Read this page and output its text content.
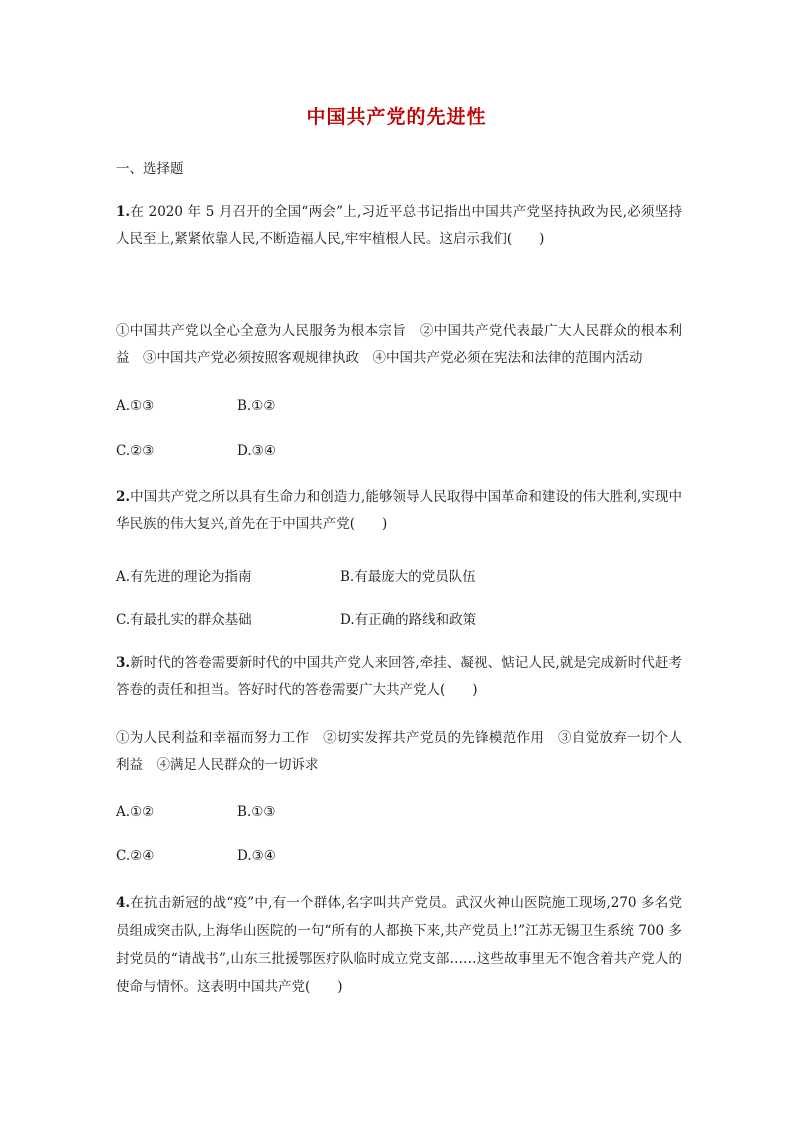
中国共产党的先进性
一、选择题
1.在 2020 年 5 月召开的全国“两会”上,习近平总书记指出中国共产党坚持执政为民,必须坚持人民至上,紧紧依靠人民,不断造福人民,牢牢植根人民。这启示我们(　　)
①中国共产党以全心全意为人民服务为根本宗旨　②中国共产党代表最广大人民群众的根本利益　③中国共产党必须按照客观规律执政　④中国共产党必须在宪法和法律的范围内活动
A.①③	B.①②
C.②③	D.③④
2.中国共产党之所以具有生命力和创造力,能够领导人民取得中国革命和建设的伟大胜利,实现中华民族的伟大复兴,首先在于中国共产党(　　)
A.有先进的理论为指南	B.有最庞大的党员队伍
C.有最扎实的群众基础	D.有正确的路线和政策
3.新时代的答卷需要新时代的中国共产党人来回答,牵挂、凝视、惦记人民,就是完成新时代赶考答卷的责任和担当。答好时代的答卷需要广大共产党人(　　)
①为人民利益和幸福而努力工作　②切实发挥共产党员的先锋模范作用　③自觉放弃一切个人利益　④满足人民群众的一切诉求
A.①②	B.①③
C.②④	D.③④
4.在抗击新冠的战“疫”中,有一个群体,名字叫共产党员。武汉火神山医院施工现场,270 多名党员组成突击队,上海华山医院的一句“所有的人都换下来,共产党员上!”江苏无锡卫生系统 700 多封党员的“请战书”,山东三批援鄂医疗队临时成立党支部……这些故事里无不饱含着共产党人的使命与情怀。这表明中国共产党(　　)
